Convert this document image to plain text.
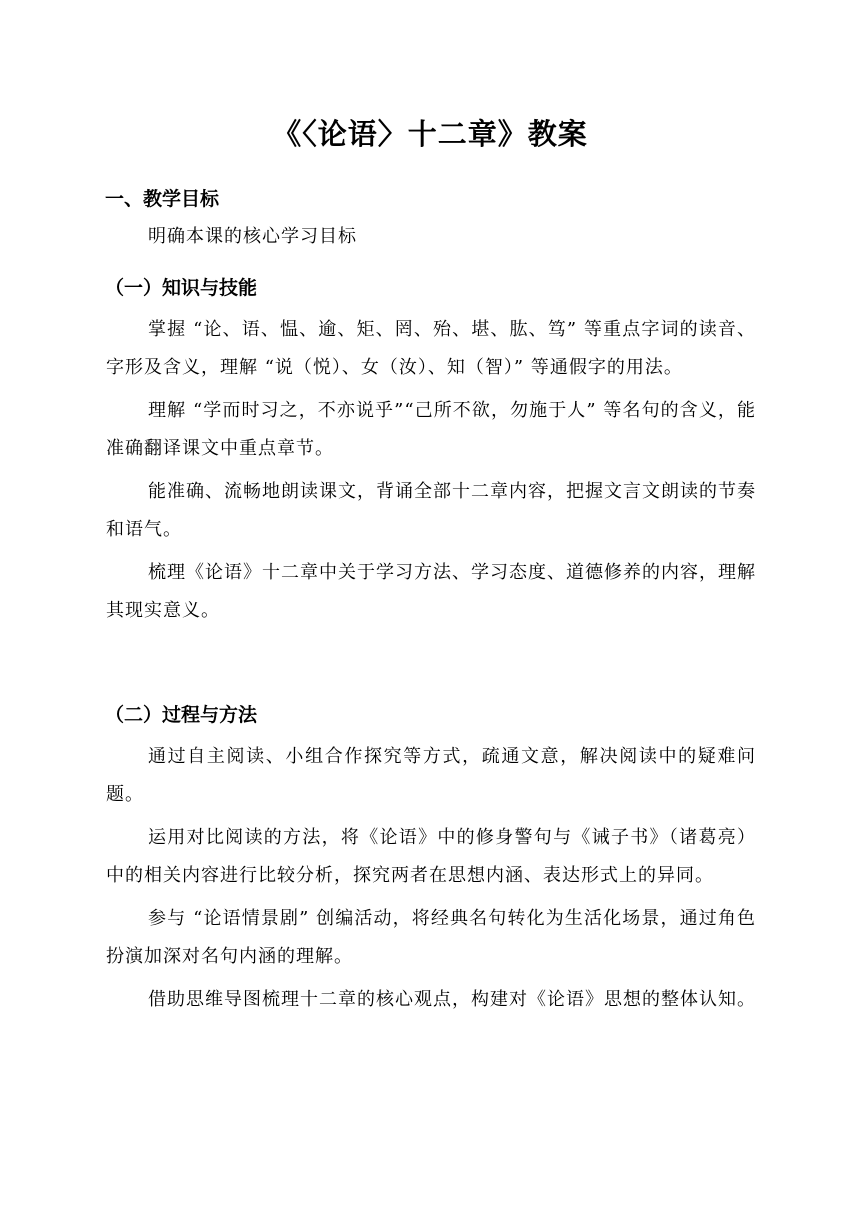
《〈论语〉十二章》教案
一、教学目标
明确本课的核心学习目标
（一）知识与技能

掌握 “论、语、愠、逾、矩、罔、殆、堪、肱、笃” 等重点字词的读音、字形及含义，理解 “说（悦）、女（汝）、知（智）” 等通假字的用法。

理解 “学而时习之，不亦说乎”“己所不欲，勿施于人” 等名句的含义，能准确翻译课文中重点章节。

能准确、流畅地朗读课文，背诵全部十二章内容，把握文言文朗读的节奏和语气。

梳理《论语》十二章中关于学习方法、学习态度、道德修养的内容，理解其现实意义。

（二）过程与方法

通过自主阅读、小组合作探究等方式，疏通文意，解决阅读中的疑难问题。

运用对比阅读的方法，将《论语》中的修身警句与《诫子书》（诸葛亮）中的相关内容进行比较分析，探究两者在思想内涵、表达形式上的异同。

参与 “论语情景剧” 创编活动，将经典名句转化为生活化场景，通过角色扮演加深对名句内涵的理解。

借助思维导图梳理十二章的核心观点，构建对《论语》思想的整体认知。
